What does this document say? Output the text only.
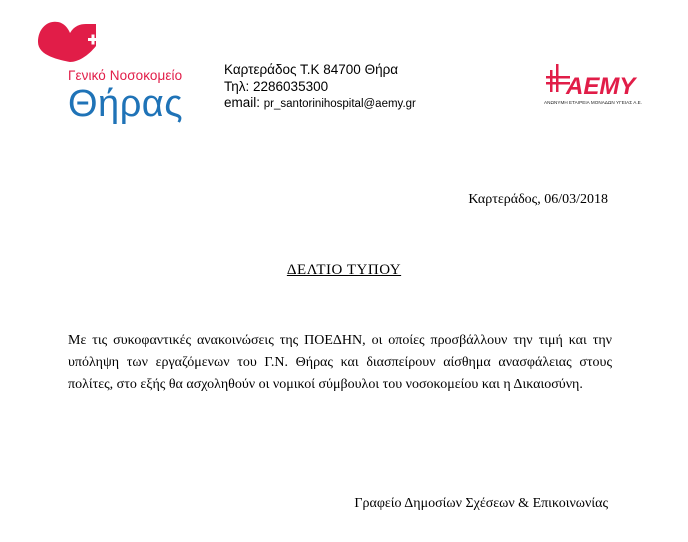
Γενικό Νοσοκομείο
Θήρας
Καρτεράδος Τ.Κ 84700 Θήρα
Τηλ: 2286035300
email: pr_santorinihospital@aemy.gr
AEMY
ΑΝΩΝΥΜΗ ΕΤΑΙΡΕΙΑ ΜΟΝΑΔΩΝ ΥΓΕΙΑΣ Α.Ε.
Καρτεράδος, 06/03/2018
ΔΕΛΤΙΟ ΤΥΠΟΥ

Με τις συκοφαντικές ανακοινώσεις της ΠΟΕΔΗΝ, οι οποίες προσβάλλουν την τιμή και την υπόληψη των εργαζόμενων του Γ.Ν. Θήρας και διασπείρουν αίσθημα ανασφάλειας στους πολίτες, στο εξής θα ασχοληθούν οι νομικοί σύμβουλοι του νοσοκομείου και η Δικαιοσύνη.

Γραφείο Δημοσίων Σχέσεων & Επικοινωνίας
